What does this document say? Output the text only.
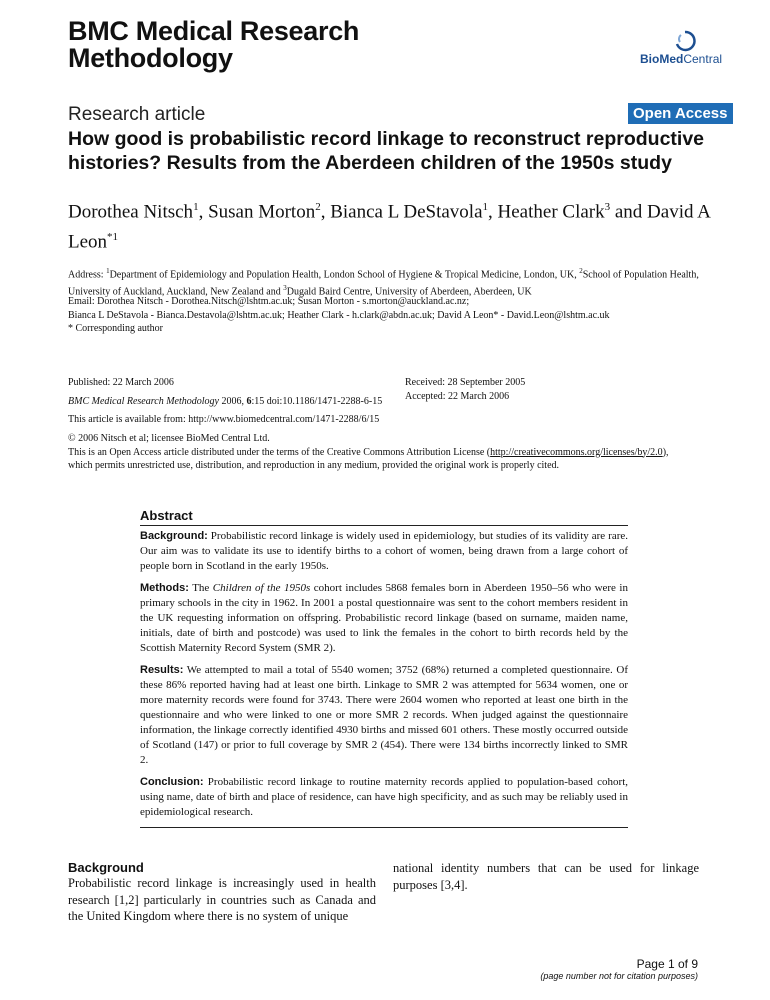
BMC Medical Research Methodology	BioMedCentral
Research article	Open Access
How good is probabilistic record linkage to reconstruct reproductive histories? Results from the Aberdeen children of the 1950s study
Dorothea Nitsch$^1$, Susan Morton$^2$, Bianca L DeStavola$^1$, Heather Clark$^3$ and David A Leon$^{*1}$
Address: $^1$Department of Epidemiology and Population Health, London School of Hygiene & Tropical Medicine, London, UK, $^2$School of Population Health, University of Auckland, Auckland, New Zealand and $^3$Dugald Baird Centre, University of Aberdeen, Aberdeen, UK
Email: Dorothea Nitsch - Dorothea.Nitsch@lshtm.ac.uk; Susan Morton - s.morton@auckland.ac.nz;
Bianca L DeStavola - Bianca.Destavola@lshtm.ac.uk; Heather Clark - h.clark@abdn.ac.uk; David A Leon* - David.Leon@lshtm.ac.uk
* Corresponding author
Published: 22 March 2006
BMC Medical Research Methodology 2006, 6:15 doi:10.1186/1471-2288-6-15
This article is available from: http://www.biomedcentral.com/1471-2288/6/15
Received: 28 September 2005
Accepted: 22 March 2006
© 2006 Nitsch et al; licensee BioMed Central Ltd.
This is an Open Access article distributed under the terms of the Creative Commons Attribution License (http://creativecommons.org/licenses/by/2.0),
which permits unrestricted use, distribution, and reproduction in any medium, provided the original work is properly cited.
Abstract

Background: Probabilistic record linkage is widely used in epidemiology, but studies of its validity are rare. Our aim was to validate its use to identify births to a cohort of women, being drawn from a large cohort of people born in Scotland in the early 1950s.

Methods: The Children of the 1950s cohort includes 5868 females born in Aberdeen 1950–56 who were in primary schools in the city in 1962. In 2001 a postal questionnaire was sent to the cohort members resident in the UK requesting information on offspring. Probabilistic record linkage (based on surname, maiden name, initials, date of birth and postcode) was used to link the females in the cohort to birth records held by the Scottish Maternity Record System (SMR 2).

Results: We attempted to mail a total of 5540 women; 3752 (68%) returned a completed questionnaire. Of these 86% reported having had at least one birth. Linkage to SMR 2 was attempted for 5634 women, one or more maternity records were found for 3743. There were 2604 women who reported at least one birth in the questionnaire and who were linked to one or more SMR 2 records. When judged against the questionnaire information, the linkage correctly identified 4930 births and missed 601 others. These mostly occurred outside of Scotland (147) or prior to full coverage by SMR 2 (454). There were 134 births incorrectly linked to SMR 2.

Conclusion: Probabilistic record linkage to routine maternity records applied to population-based cohort, using name, date of birth and place of residence, can have high specificity, and as such may be reliably used in epidemiological research.

Background
Probabilistic record linkage is increasingly used in health research [1,2] particularly in countries such as Canada and the United Kingdom where there is no system of unique
national identity numbers that can be used for linkage purposes [3,4].
Page 1 of 9
(page number not for citation purposes)
